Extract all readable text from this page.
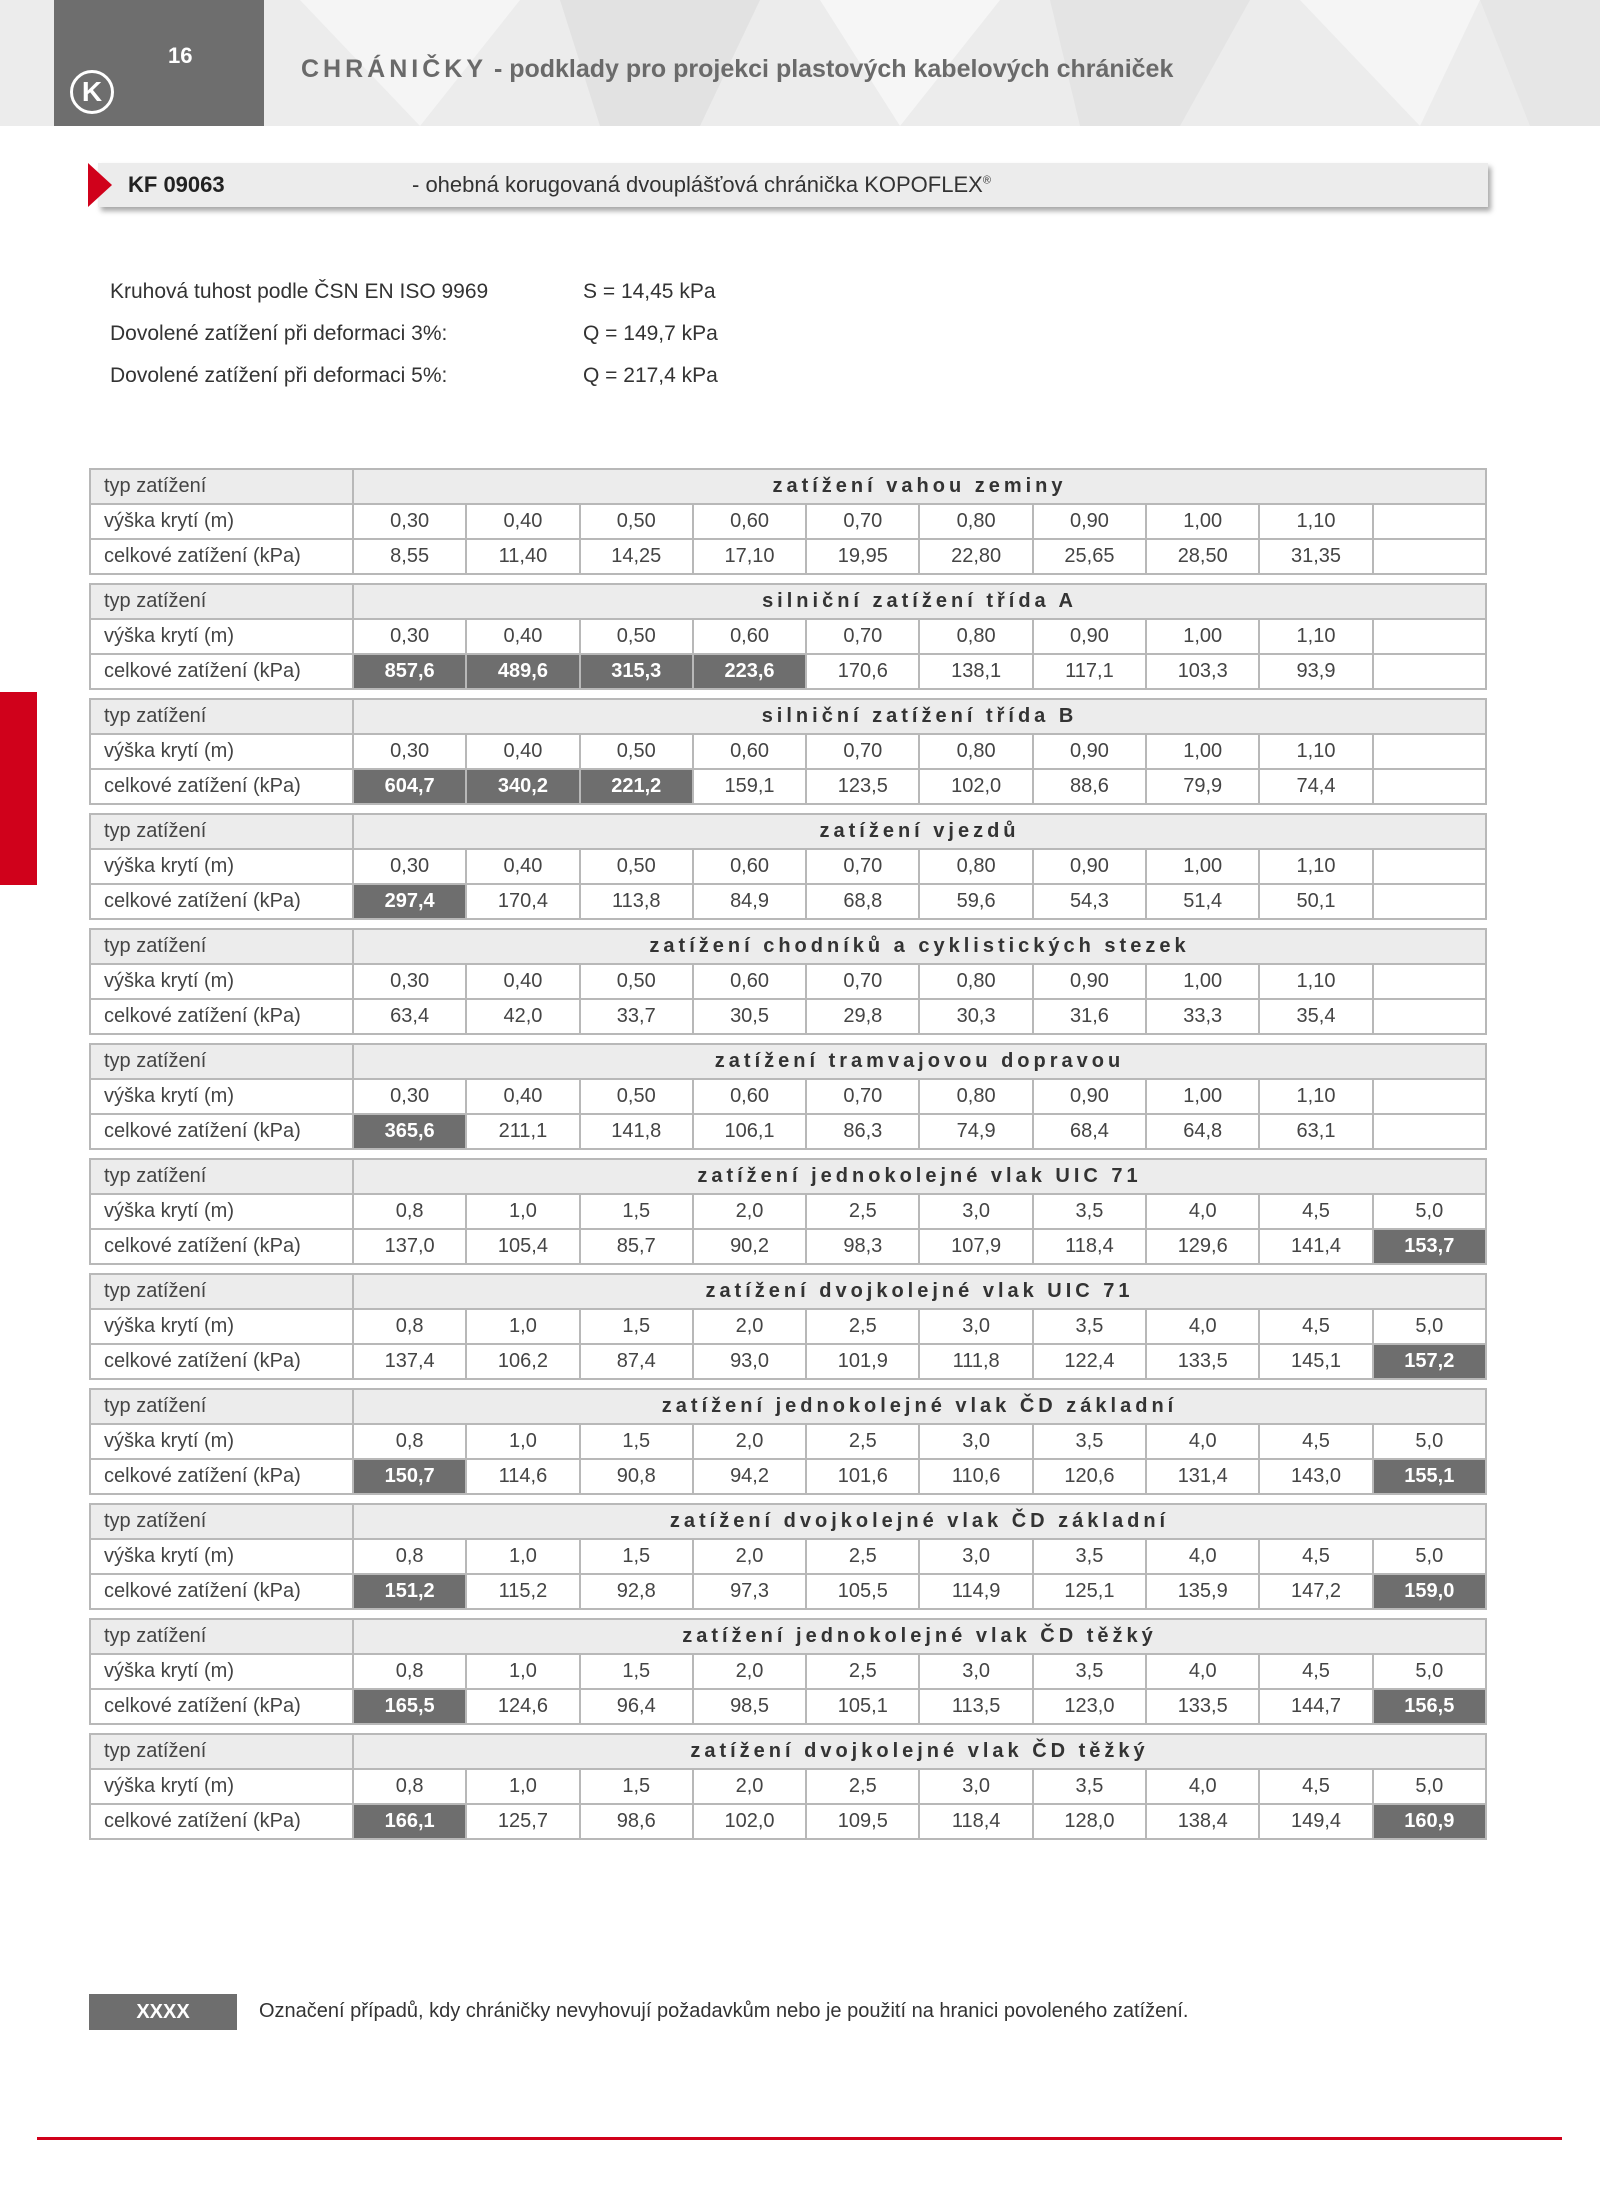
16
K
CHRÁNIČKY - podklady pro projekci plastových kabelových chrániček
KF 09063	- ohebná korugovaná dvouplášťová chránička KOPOFLEX®
Kruhová tuhost podle ČSN EN ISO 9969	S = 14,45 kPa
Dovolené zatížení při deformaci 3%:	Q = 149,7 kPa
Dovolené zatížení při deformaci 5%:	Q = 217,4 kPa
typ zatížení	zatížení vahou zeminy									
výška krytí (m)	0,30	0,40	0,50	0,60	0,70	0,80	0,90	1,00	1,10	
celkové zatížení (kPa)	8,55	11,40	14,25	17,10	19,95	22,80	25,65	28,50	31,35	

typ zatížení	silniční zatížení třída A									
výška krytí (m)	0,30	0,40	0,50	0,60	0,70	0,80	0,90	1,00	1,10	
celkové zatížení (kPa)	857,6	489,6	315,3	223,6	170,6	138,1	117,1	103,3	93,9	

typ zatížení	silniční zatížení třída B									
výška krytí (m)	0,30	0,40	0,50	0,60	0,70	0,80	0,90	1,00	1,10	
celkové zatížení (kPa)	604,7	340,2	221,2	159,1	123,5	102,0	88,6	79,9	74,4	

typ zatížení	zatížení vjezdů									
výška krytí (m)	0,30	0,40	0,50	0,60	0,70	0,80	0,90	1,00	1,10	
celkové zatížení (kPa)	297,4	170,4	113,8	84,9	68,8	59,6	54,3	51,4	50,1	

typ zatížení	zatížení chodníků a cyklistických stezek									
výška krytí (m)	0,30	0,40	0,50	0,60	0,70	0,80	0,90	1,00	1,10	
celkové zatížení (kPa)	63,4	42,0	33,7	30,5	29,8	30,3	31,6	33,3	35,4	

typ zatížení	zatížení tramvajovou dopravou									
výška krytí (m)	0,30	0,40	0,50	0,60	0,70	0,80	0,90	1,00	1,10	
celkové zatížení (kPa)	365,6	211,1	141,8	106,1	86,3	74,9	68,4	64,8	63,1	

typ zatížení	zatížení jednokolejné vlak UIC 71									
výška krytí (m)	0,8	1,0	1,5	2,0	2,5	3,0	3,5	4,0	4,5	5,0
celkové zatížení (kPa)	137,0	105,4	85,7	90,2	98,3	107,9	118,4	129,6	141,4	153,7

typ zatížení	zatížení dvojkolejné vlak UIC 71									
výška krytí (m)	0,8	1,0	1,5	2,0	2,5	3,0	3,5	4,0	4,5	5,0
celkové zatížení (kPa)	137,4	106,2	87,4	93,0	101,9	111,8	122,4	133,5	145,1	157,2

typ zatížení	zatížení jednokolejné vlak ČD základní									
výška krytí (m)	0,8	1,0	1,5	2,0	2,5	3,0	3,5	4,0	4,5	5,0
celkové zatížení (kPa)	150,7	114,6	90,8	94,2	101,6	110,6	120,6	131,4	143,0	155,1

typ zatížení	zatížení dvojkolejné vlak ČD základní									
výška krytí (m)	0,8	1,0	1,5	2,0	2,5	3,0	3,5	4,0	4,5	5,0
celkové zatížení (kPa)	151,2	115,2	92,8	97,3	105,5	114,9	125,1	135,9	147,2	159,0

typ zatížení	zatížení jednokolejné vlak ČD těžký									
výška krytí (m)	0,8	1,0	1,5	2,0	2,5	3,0	3,5	4,0	4,5	5,0
celkové zatížení (kPa)	165,5	124,6	96,4	98,5	105,1	113,5	123,0	133,5	144,7	156,5

typ zatížení	zatížení dvojkolejné vlak ČD těžký									
výška krytí (m)	0,8	1,0	1,5	2,0	2,5	3,0	3,5	4,0	4,5	5,0
celkové zatížení (kPa)	166,1	125,7	98,6	102,0	109,5	118,4	128,0	138,4	149,4	160,9
XXXX	Označení případů, kdy chráničky nevyhovují požadavkům nebo je použití na hranici povoleného zatížení.
